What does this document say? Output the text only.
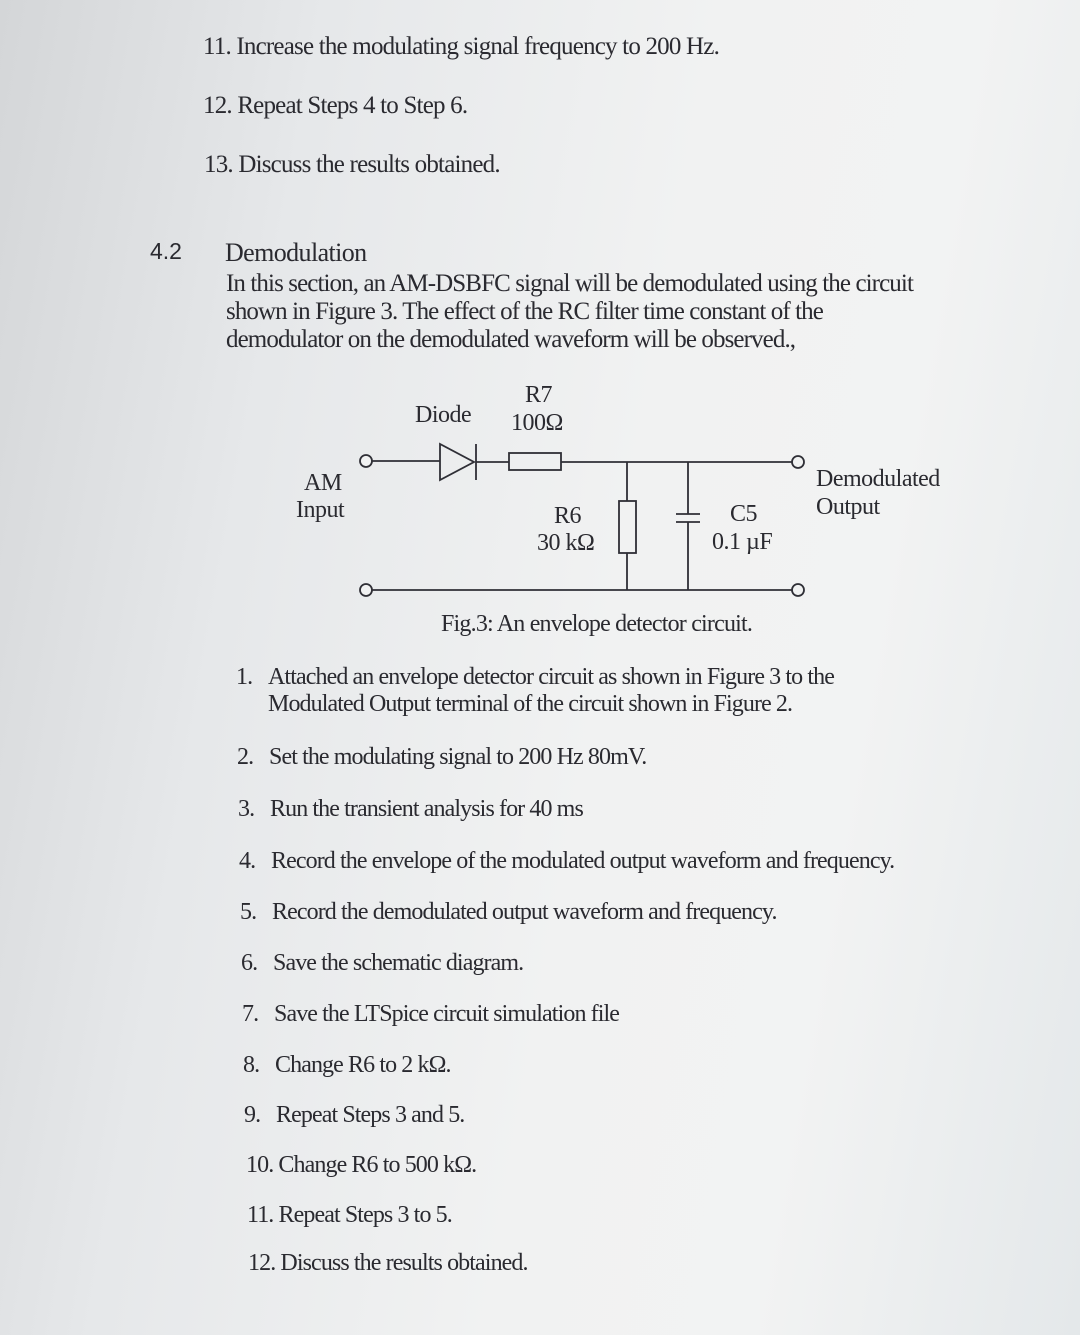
11. Increase the modulating signal frequency to 200 Hz.
12. Repeat Steps 4 to Step 6.
13. Discuss the results obtained.
4.2 Demodulation
In this section, an AM-DSBFC signal will be demodulated using the circuit
shown in Figure 3. The effect of the RC filter time constant of the
demodulator on the demodulated waveform will be observed.,
Diode
R7
100Ω
AM
Input	R6
30 kΩ
C5
0.1 µF
Demodulated
Output
Fig.3: An envelope detector circuit.
1. Attached an envelope detector circuit as shown in Figure 3 to the
Modulated Output terminal of the circuit shown in Figure 2.
2. Set the modulating signal to 200 Hz 80mV.
3. Run the transient analysis for 40 ms
4. Record the envelope of the modulated output waveform and frequency.
5. Record the demodulated output waveform and frequency.
6. Save the schematic diagram.
7. Save the LTSpice circuit simulation file
8. Change R6 to 2 kΩ.
9. Repeat Steps 3 and 5.
10. Change R6 to 500 kΩ.
11. Repeat Steps 3 to 5.
12. Discuss the results obtained.
